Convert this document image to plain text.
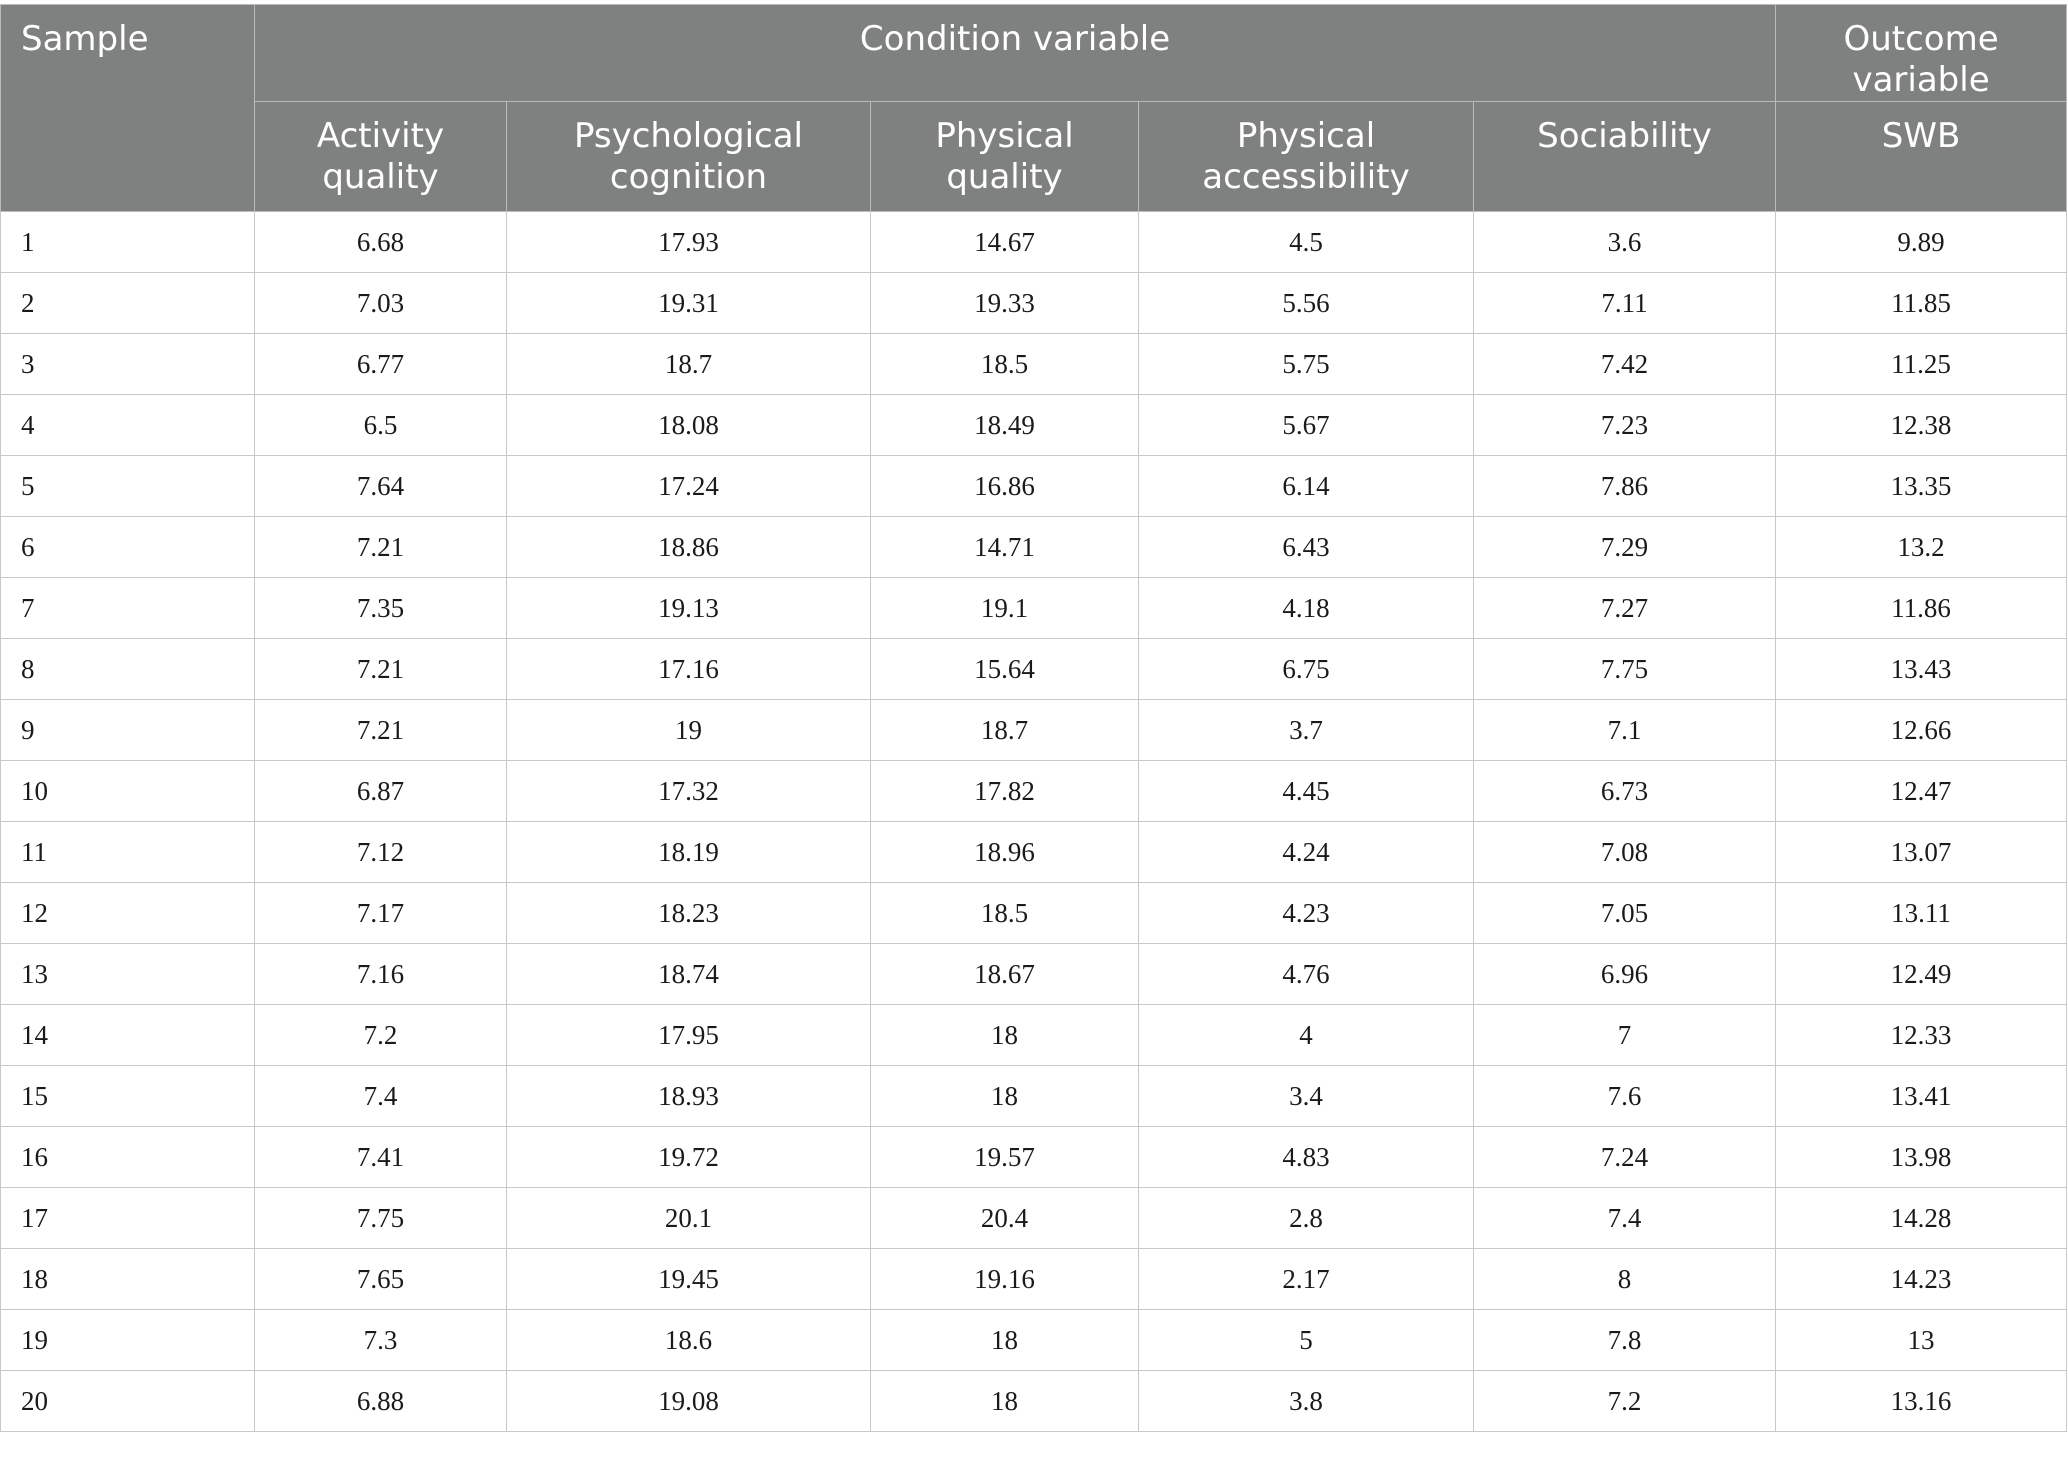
Sample	Condition variable					Outcome variable
	Activity quality	Psychological cognition	Physical quality	Physical accessibility	Sociability	SWB
1	6.68	17.93	14.67	4.5	3.6	9.89
2	7.03	19.31	19.33	5.56	7.11	11.85
3	6.77	18.7	18.5	5.75	7.42	11.25
4	6.5	18.08	18.49	5.67	7.23	12.38
5	7.64	17.24	16.86	6.14	7.86	13.35
6	7.21	18.86	14.71	6.43	7.29	13.2
7	7.35	19.13	19.1	4.18	7.27	11.86
8	7.21	17.16	15.64	6.75	7.75	13.43
9	7.21	19	18.7	3.7	7.1	12.66
10	6.87	17.32	17.82	4.45	6.73	12.47
11	7.12	18.19	18.96	4.24	7.08	13.07
12	7.17	18.23	18.5	4.23	7.05	13.11
13	7.16	18.74	18.67	4.76	6.96	12.49
14	7.2	17.95	18	4	7	12.33
15	7.4	18.93	18	3.4	7.6	13.41
16	7.41	19.72	19.57	4.83	7.24	13.98
17	7.75	20.1	20.4	2.8	7.4	14.28
18	7.65	19.45	19.16	2.17	8	14.23
19	7.3	18.6	18	5	7.8	13
20	6.88	19.08	18	3.8	7.2	13.16
